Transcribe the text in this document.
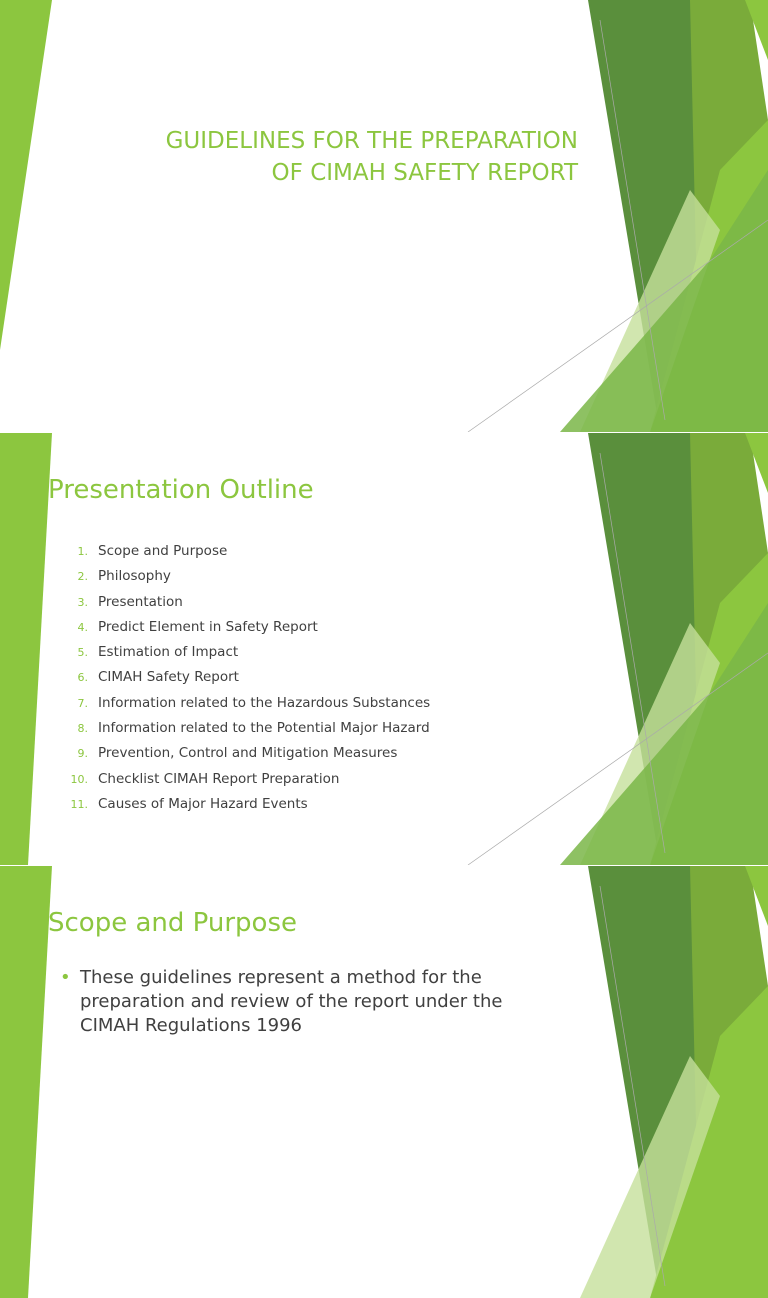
GUIDELINES FOR THE PREPARATION
OF CIMAH SAFETY REPORT
Presentation Outline
1. Scope and Purpose
2. Philosophy
3. Presentation
4. Predict Element in Safety Report
5. Estimation of Impact
6. CIMAH Safety Report
7. Information related to the Hazardous Substances
8. Information related to the Potential Major Hazard
9. Prevention, Control and Mitigation Measures
10. Checklist CIMAH Report Preparation
11. Causes of Major Hazard Events
Scope and Purpose
• These guidelines represent a method for the preparation and review of the report under the CIMAH Regulations 1996
